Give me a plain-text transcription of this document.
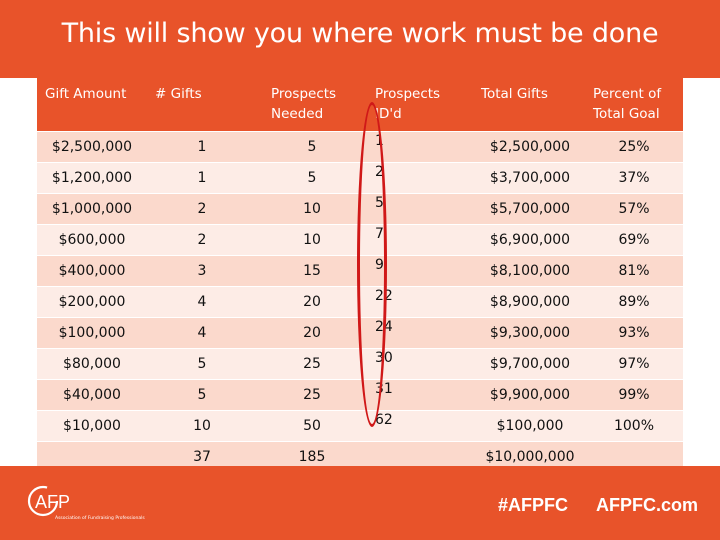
This will show you where work must be done
Gift Amount	# Gifts	Prospects Needed	Prospects ID'd	Total Gifts	Percent of Total Goal
$2,500,000	1	5	1	$2,500,000	25%
$1,200,000	1	5	2	$3,700,000	37%
$1,000,000	2	10	5	$5,700,000	57%
$600,000	2	10	7	$6,900,000	69%
$400,000	3	15	9	$8,100,000	81%
$200,000	4	20	22	$8,900,000	89%
$100,000	4	20	24	$9,300,000	93%
$80,000	5	25	30	$9,700,000	97%
$40,000	5	25	31	$9,900,000	99%
$10,000	10	50	62	$100,000	100%
	37	185		$10,000,000	
AFP
Association of Fundraising Professionals
#AFPFC AFPFC.com
